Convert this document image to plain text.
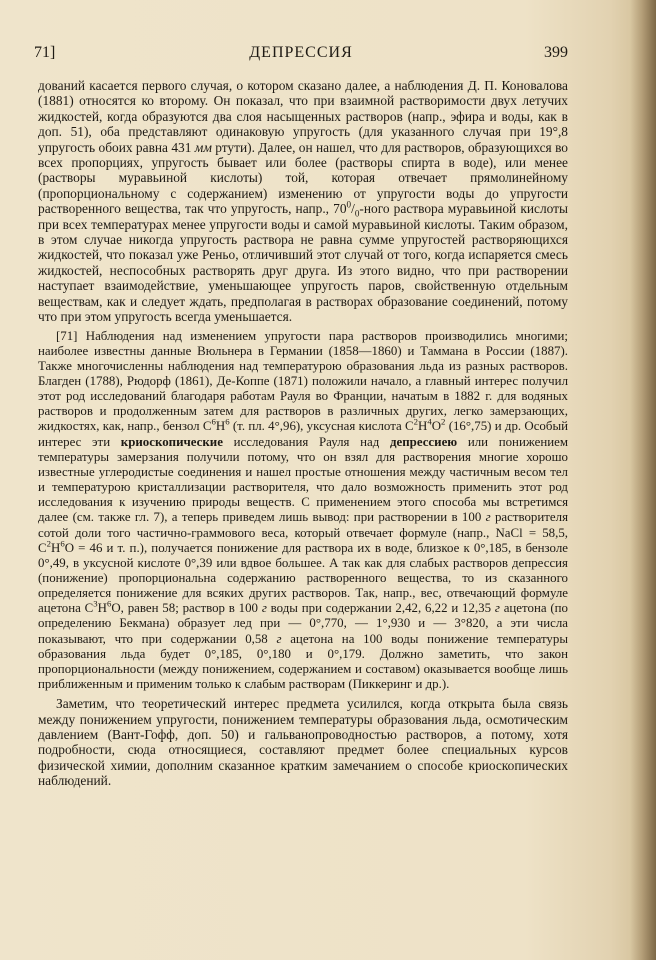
71]	ДЕПРЕССИЯ	399

дований касается первого случая, о котором сказано далее, а наблюдения Д. П. Коновалова (1881) относятся ко второму. Он показал, что при взаимной растворимости двух летучих жидкостей, когда образуются два слоя насыщенных растворов (напр., эфира и воды, как в доп. 51), оба представляют одинаковую упругость (для указанного случая при 19°,8 упругость обоих равна 431 мм ртути). Далее, он нашел, что для растворов, образующихся во всех пропорциях, упругость бывает или более (растворы спирта в воде), или менее (растворы муравьиной кислоты) той, которая отвечает прямолинейному (пропорциональному с содержанием) изменению от упругости воды до упругости растворенного вещества, так что упругость, напр., $70^0/_0$-ного раствора муравьиной кислоты при всех температурах менее упругости воды и самой муравьиной кислоты. Таким образом, в этом случае никогда упругость раствора не равна сумме упругостей растворяющихся жидкостей, что показал уже Реньо, отличивший этот случай от того, когда испаряется смесь жидкостей, неспособных растворять друг друга. Из этого видно, что при растворении наступает взаимодействие, уменьшающее упругость паров, свойственную отдельным веществам, как и следует ждать, предполагая в растворах образование соединений, потому что при этом упругость всегда уменьшается.

[71] Наблюдения над изменением упругости пара растворов производились многими; наиболее известны данные Вюльнера в Германии (1858—1860) и Таммана в России (1887). Также многочисленны наблюдения над температурою образования льда из разных растворов. Благден (1788), Рюдорф (1861), Де-Коппе (1871) положили начало, а главный интерес получил этот род исследований благодаря работам Рауля во Франции, начатым в 1882 г. для водяных растворов и продолженным затем для растворов в различных других, легко замерзающих, жидкостях, как, напр., бензол $C^6H^6$ (т. пл. 4°,96), уксусная кислота $C^2H^4O^2$ (16°,75) и др. Особый интерес эти криоскопические исследования Рауля над депрессиею или понижением температуры замерзания получили потому, что он взял для растворения многие хорошо известные углеродистые соединения и нашел простые отношения между частичным весом тел и температурою кристаллизации растворителя, что дало возможность применить этот род исследования к изучению природы веществ. С применением этого способа мы встретимся далее (см. также гл. 7), а теперь приведем лишь вывод: при растворении в 100 г растворителя сотой доли того частично-граммового веса, который отвечает формуле (напр., NaCl = 58,5, $C^2H^6O = 46$ и т. п.), получается понижение для раствора их в воде, близкое к 0°,185, в бензоле 0°,49, в уксусной кислоте 0°,39 или вдвое большее. А так как для слабых растворов депрессия (понижение) пропорциональна содержанию растворенного вещества, то из сказанного определяется понижение для всяких других растворов. Так, напр., вес, отвечающий формуле ацетона $C^3H^6O$, равен 58; раствор в 100 г воды при содержании 2,42, 6,22 и 12,35 г ацетона (по определению Бекмана) образует лед при — 0°,770, — 1°,930 и — 3°820, а эти числа показывают, что при содержании 0,58 г ацетона на 100 воды понижение температуры образования льда будет 0°,185, 0°,180 и 0°,179. Должно заметить, что закон пропорциональности (между понижением, содержанием и составом) оказывается вообще лишь приближенным и применим только к слабым растворам (Пиккеринг и др.).

Заметим, что теоретический интерес предмета усилился, когда открыта была связь между понижением упругости, понижением температуры образования льда, осмотическим давлением (Вант-Гофф, доп. 50) и гальванопроводностью растворов, а потому, хотя подробности, сюда относящиеся, составляют предмет более специальных курсов физической химии, дополним сказанное кратким замечанием о способе криоскопических наблюдений.
